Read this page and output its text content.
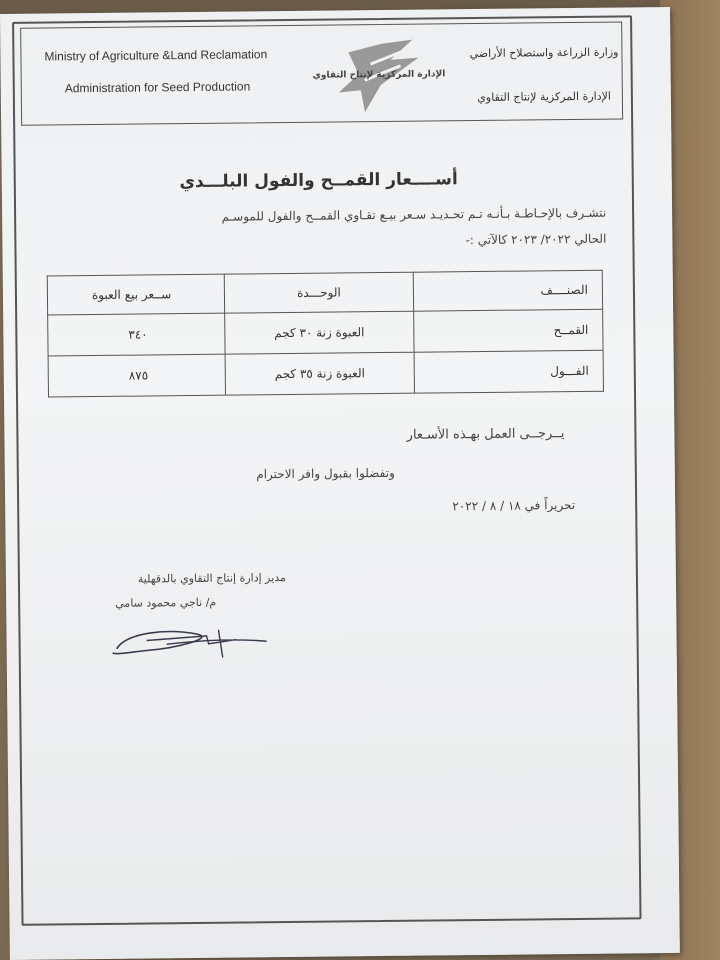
Ministry of Agriculture &Land Reclamation
Administration for Seed Production
وزارة الزراعة واستصلاح الأراضي
الإدارة المركزية لإنتاج التقاوي
الإدارة المركزية لإنتاج التقاوي
أســــعار القمــح والفول البلـــدي
نتشـرف بالإحـاطـة بـأنـه تـم تحـديـد سـعر بيـع تقـاوي القمــح والفول للموسـم
الحالي ٢٠٢٢/ ٢٠٢٣ كالآتي :-
الصنــــف	الوحـــدة	ســعر بيع العبوة
القمــح	العبوة زنة ٣٠ كجم	٣٤٠
الفـــول	العبوة زنة ٣٥ كجم	٨٧٥
يــرجــى العمل بهـذه الأسـعار
وتفضلوا بقبول وافر الاحترام
تحريراً في ١٨ / ٨ / ٢٠٢٢
مدير إدارة إنتاج التقاوي بالدقهلية
م/ ناجي محمود سامي
